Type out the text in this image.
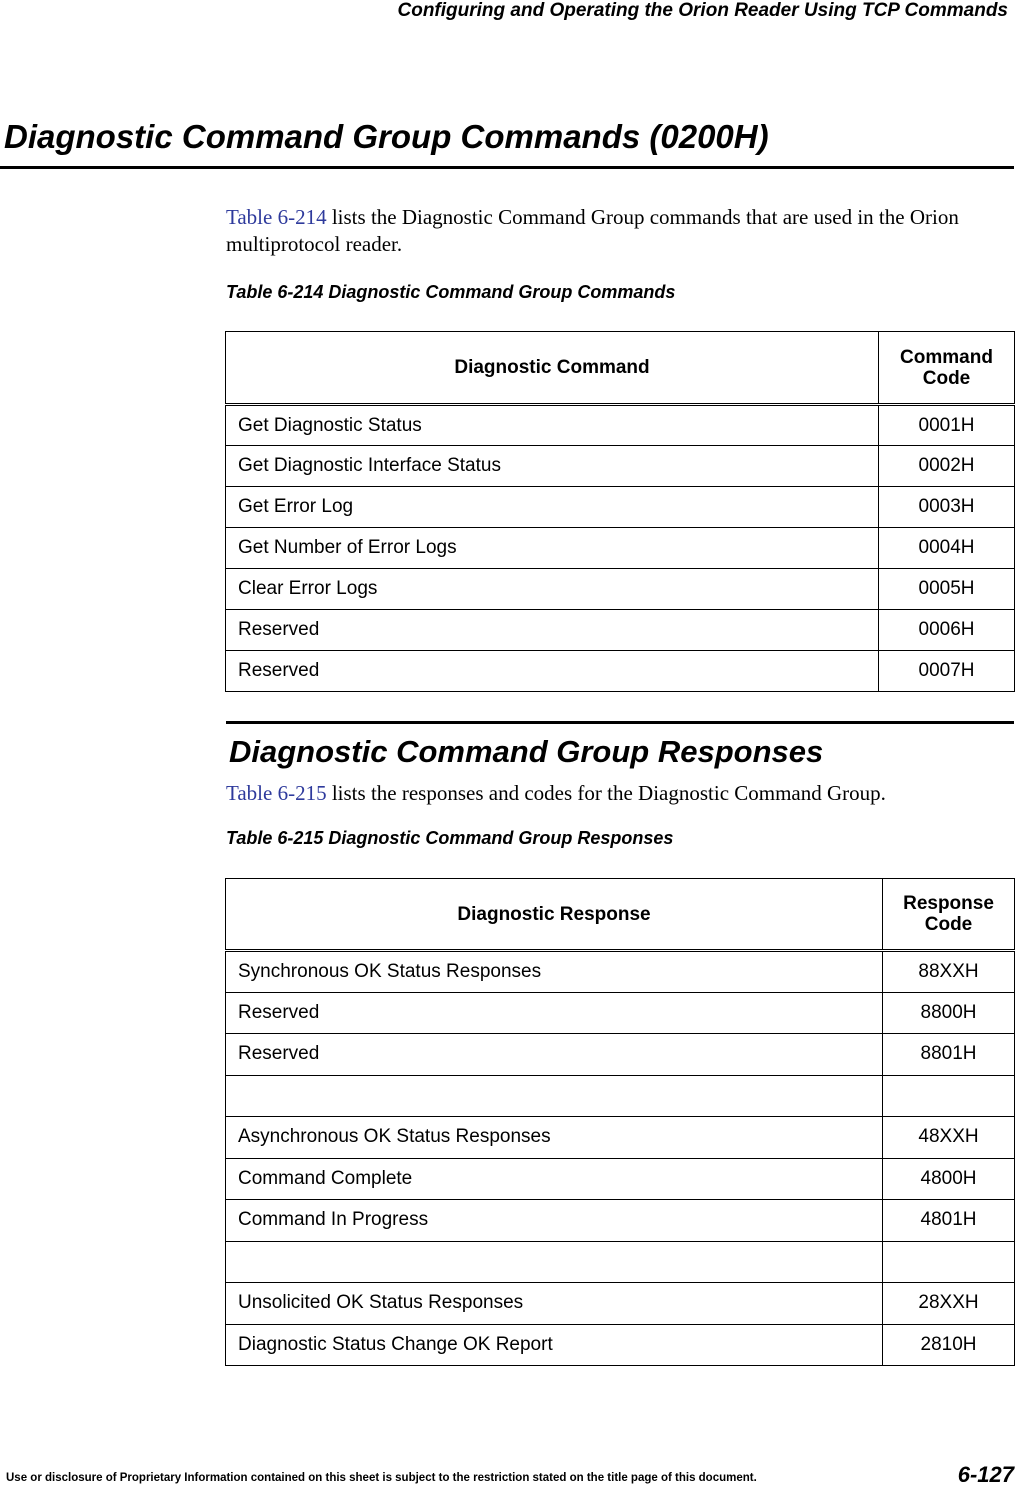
Configuring and Operating the Orion Reader Using TCP Commands
Diagnostic Command Group Commands (0200H)
Table 6-214 lists the Diagnostic Command Group commands that are used in the Orion multiprotocol reader.
Table 6-214 Diagnostic Command Group Commands
Diagnostic Command	Command
Code
Get Diagnostic Status	0001H
Get Diagnostic Interface Status	0002H
Get Error Log	0003H
Get Number of Error Logs	0004H
Clear Error Logs	0005H
Reserved	0006H
Reserved	0007H
Diagnostic Command Group Responses
Table 6-215 lists the responses and codes for the Diagnostic Command Group.
Table 6-215 Diagnostic Command Group Responses
Diagnostic Response	Response
Code
Synchronous OK Status Responses	88XXH
Reserved	8800H
Reserved	8801H

Asynchronous OK Status Responses	48XXH
Command Complete	4800H
Command In Progress	4801H

Unsolicited OK Status Responses	28XXH
Diagnostic Status Change OK Report	2810H
Use or disclosure of Proprietary Information contained on this sheet is subject to the restriction stated on the title page of this document.	6-127
